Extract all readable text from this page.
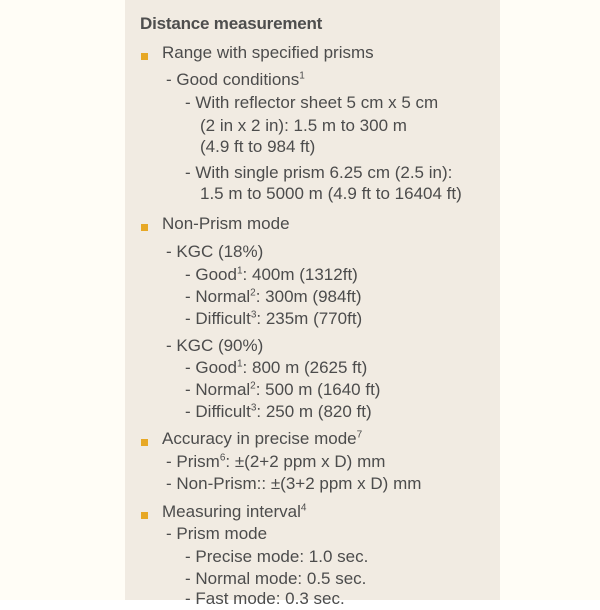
Distance measurement
Range with specified prisms
- Good conditions$^1$
- With reflector sheet 5 cm x 5 cm
(2 in x 2 in): 1.5 m to 300 m
(4.9 ft to 984 ft)
- With single prism 6.25 cm (2.5 in):
1.5 m to 5000 m (4.9 ft to 16404 ft)
Non-Prism mode
- KGC (18%)
- Good$^1$: 400m (1312ft)
- Normal$^2$: 300m (984ft)
- Difficult$^3$: 235m (770ft)
- KGC (90%)
- Good$^1$: 800 m (2625 ft)
- Normal$^2$: 500 m (1640 ft)
- Difficult$^3$: 250 m (820 ft)
Accuracy in precise mode$^7$
- Prism$^6$: ±(2+2 ppm x D) mm
- Non-Prism:: ±(3+2 ppm x D) mm
Measuring interval$^4$
- Prism mode
- Precise mode: 1.0 sec.
- Normal mode: 0.5 sec.
- Fast mode: 0.3 sec.
